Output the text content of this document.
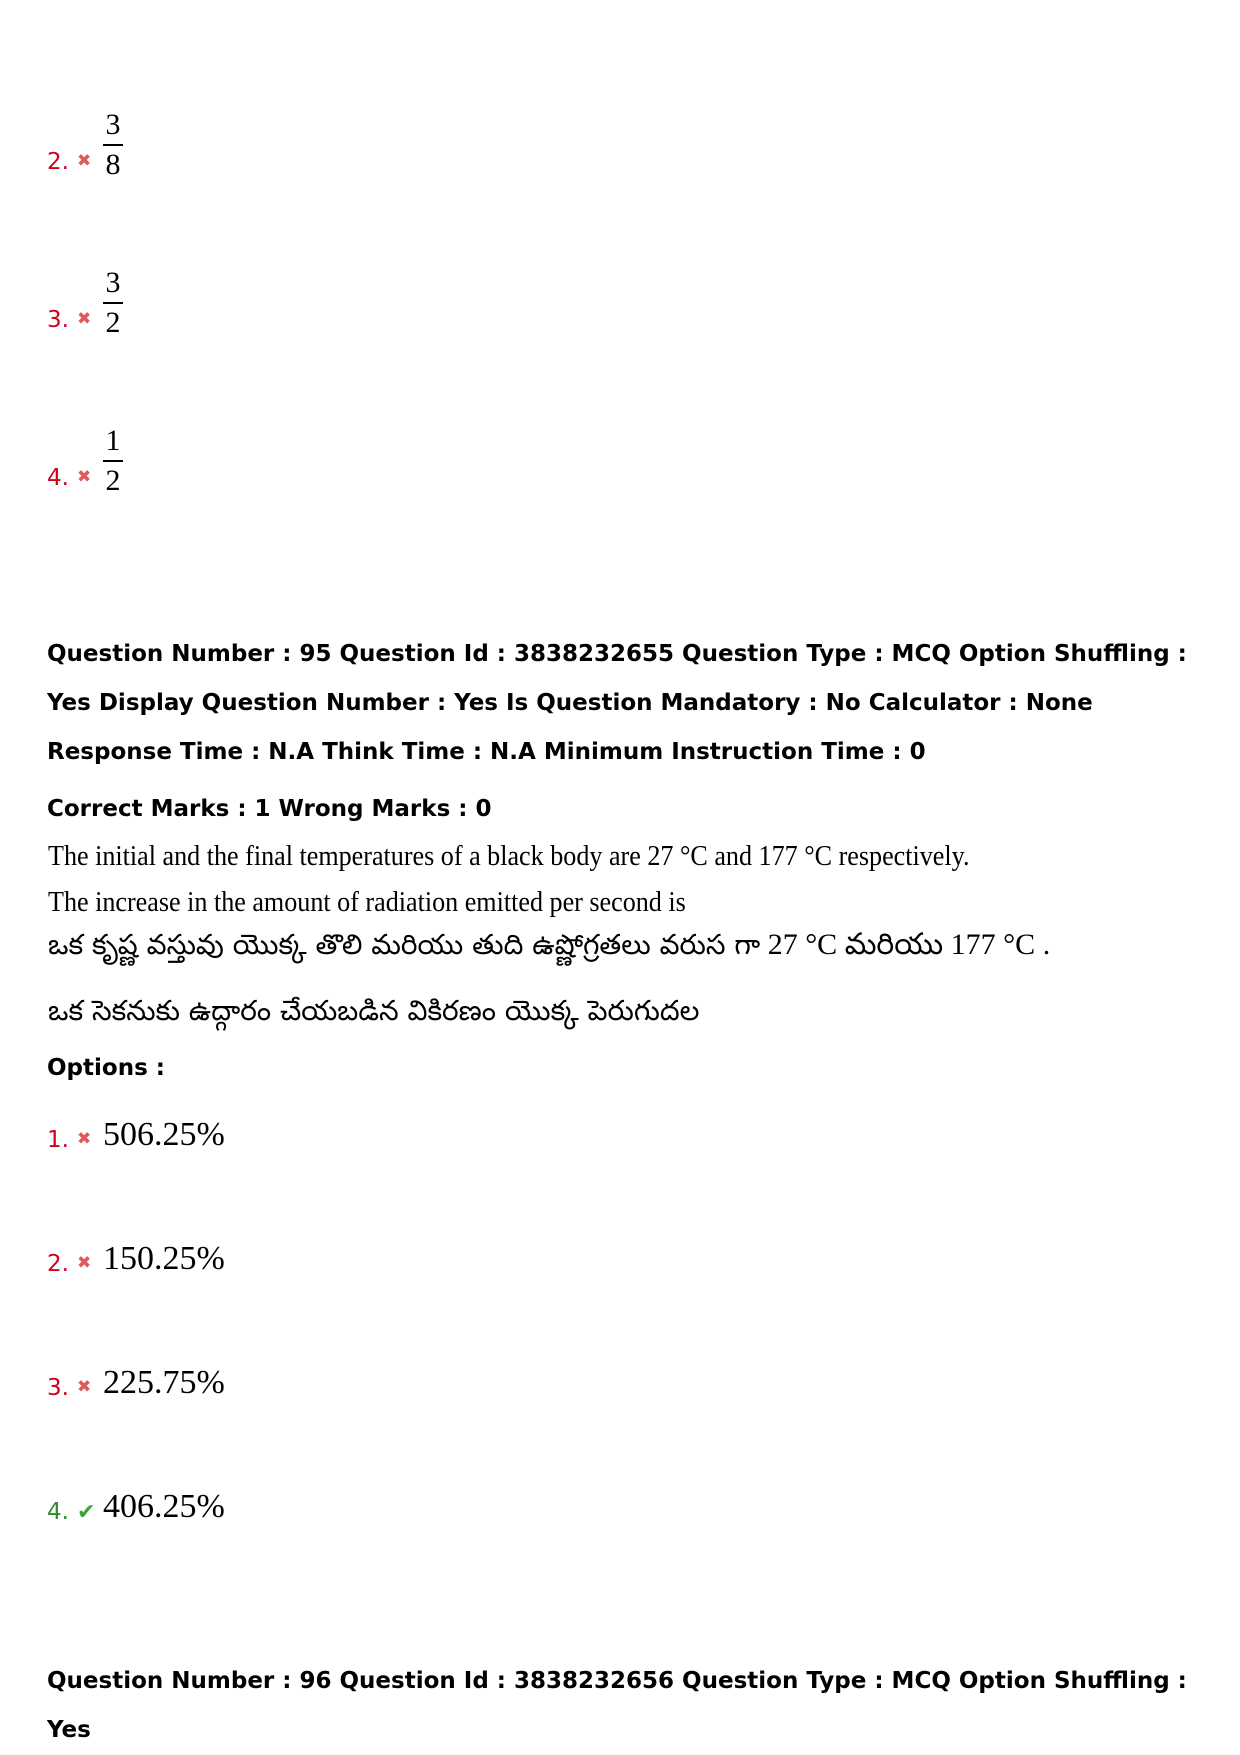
2. ✖ $\frac{3}{8}$
3. ✖ $\frac{3}{2}$
4. ✖ $\frac{1}{2}$

Question Number : 95 Question Id : 3838232655 Question Type : MCQ Option Shuffling : Yes Display Question Number : Yes Is Question Mandatory : No Calculator : None Response Time : N.A Think Time : N.A Minimum Instruction Time : 0

Correct Marks : 1 Wrong Marks : 0

The initial and the final temperatures of a black body are 27 °C and 177 °C respectively.
The increase in the amount of radiation emitted per second is
ఒక కృష్ణ వస్తువు యొక్క తొలి మరియు తుది ఉష్ణోగ్రతలు వరుస గా 27 °C మరియు 177 °C .
ఒక సెకనుకు ఉద్గారం చేయబడిన వికిరణం యొక్క పెరుగుదల

Options :

1. ✖ 506.25%
2. ✖ 150.25%
3. ✖ 225.75%
4. ✔ 406.25%

Question Number : 96 Question Id : 3838232656 Question Type : MCQ Option Shuffling : Yes
